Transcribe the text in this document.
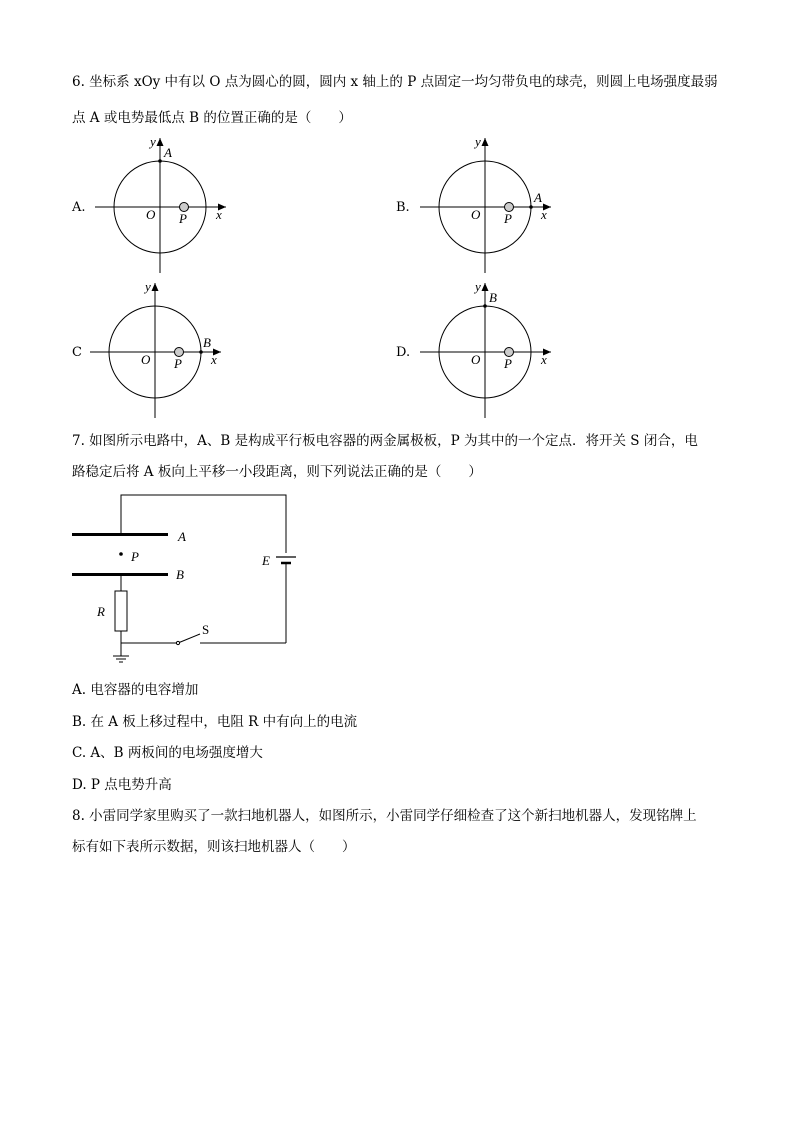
6. 坐标系 xOy 中有以 O 点为圆心的圆，圆内 x 轴上的 P 点固定一均匀带负电的球壳，则圆上电场强度最弱
点 A 或电势最低点 B 的位置正确的是（　　）
A.	B.
C	D.
y
x
O P
A
y
x
O P
A
y
x
O P
B
y
x
O P
B
7. 如图所示电路中，A、B 是构成平行板电容器的两金属极板，P 为其中的一个定点．将开关 S 闭合，电
路稳定后将 A 板向上平移一小段距离，则下列说法正确的是（　　）
A
B
P	E
R
S
A. 电容器的电容增加
B. 在 A 板上移过程中，电阻 R 中有向上的电流
C. A、B 两板间的电场强度增大
D. P 点电势升高
8. 小雷同学家里购买了一款扫地机器人，如图所示，小雷同学仔细检查了这个新扫地机器人，发现铭牌上
标有如下表所示数据，则该扫地机器人（　　）
